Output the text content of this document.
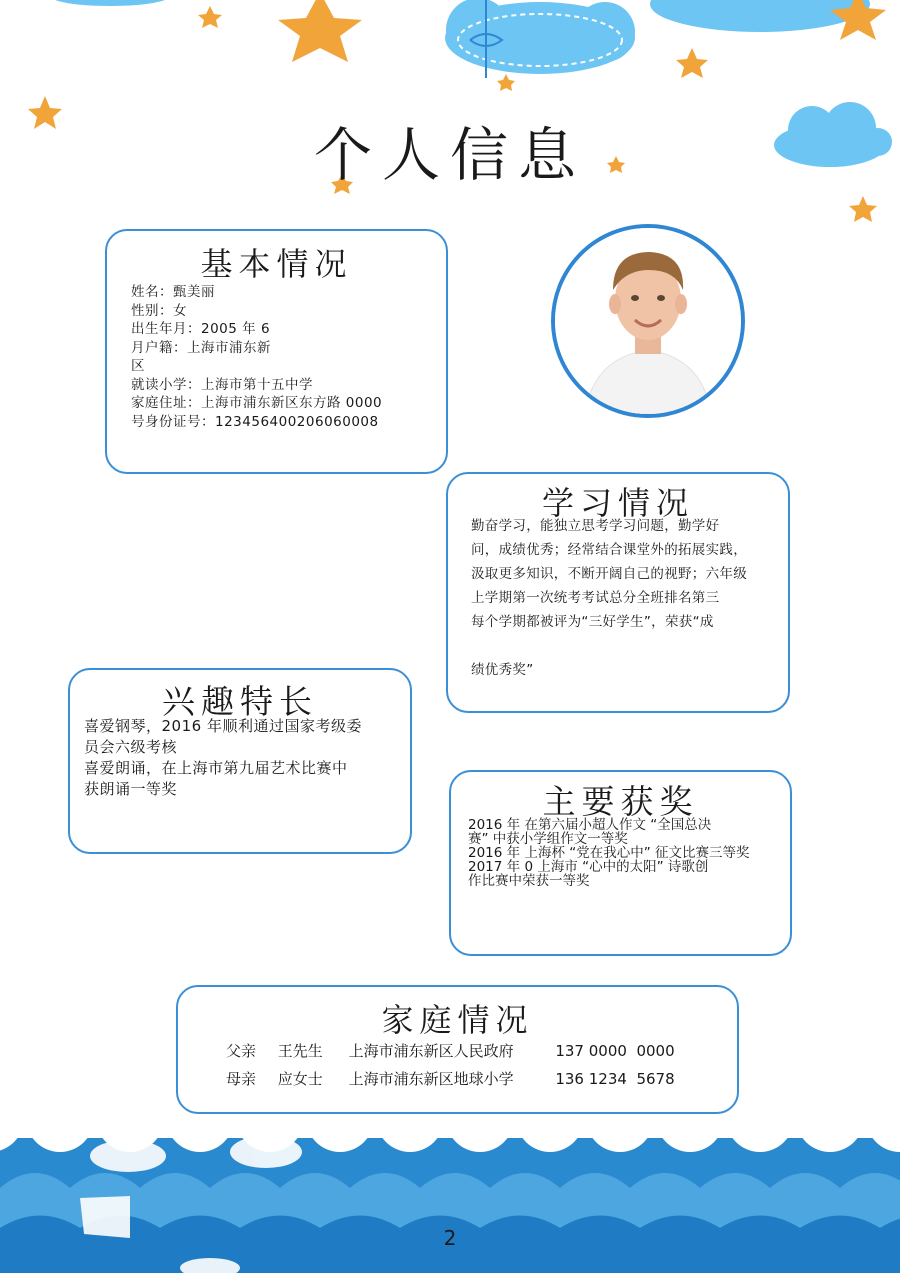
个人信息
基本情况
姓名：甄美丽
性别：女
出生年月：2005 年 6
月户籍：上海市浦东新
区
就读小学：上海市第十五中学
家庭住址：上海市浦东新区东方路 0000
号身份证号：123456400206060008
学习情况
勤奋学习，能独立思考学习问题，勤学好
问，成绩优秀；经常结合课堂外的拓展实践，
汲取更多知识，不断开阔自己的视野；六年级
上学期第一次统考考试总分全班排名第三
每个学期都被评为“三好学生”，荣获“成
绩优秀奖”
兴趣特长
喜爱钢琴，2016 年顺利通过国家考级委
员会六级考核
喜爱朗诵，在上海市第九届艺术比赛中
获朗诵一等奖	主要获奖
2016 年 在第六届小超人作文 “全国总决
赛” 中获小学组作文一等奖
2016 年 上海杯 “党在我心中” 征文比赛三等奖
2017 年 0 上海市 “心中的太阳” 诗歌创
作比赛中荣获一等奖
家庭情况
父亲 王先生 上海市浦东新区人民政府	137 0000  0000
母亲 应女士 上海市浦东新区地球小学	136 1234  5678
2
